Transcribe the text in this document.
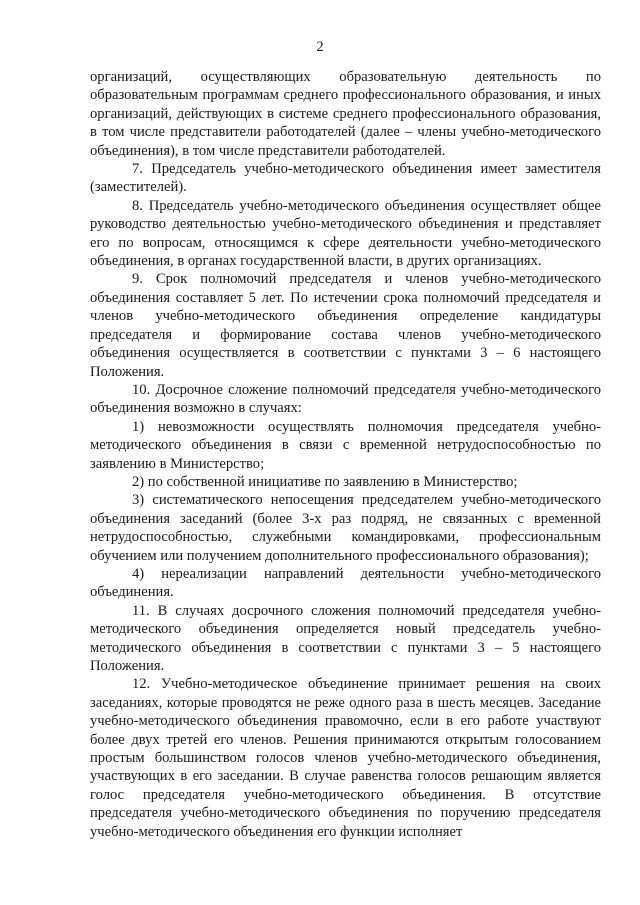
2

организаций, осуществляющих образовательную деятельность по образовательным программам среднего профессионального образования, и иных организаций, действующих в системе среднего профессионального образования, в том числе представители работодателей (далее – члены учебно-методического объединения), в том числе представители работодателей.

7. Председатель учебно-методического объединения имеет заместителя (заместителей).

8. Председатель учебно-методического объединения осуществляет общее руководство деятельностью учебно-методического объединения и представляет его по вопросам, относящимся к сфере деятельности учебно-методического объединения, в органах государственной власти, в других организациях.

9. Срок полномочий председателя и членов учебно-методического объединения составляет 5 лет. По истечении срока полномочий председателя и членов учебно-методического объединения определение кандидатуры председателя и формирование состава членов учебно-методического объединения осуществляется в соответствии с пунктами 3 – 6 настоящего Положения.

10. Досрочное сложение полномочий председателя учебно-методического объединения возможно в случаях:

1) невозможности осуществлять полномочия председателя учебно-методического объединения в связи с временной нетрудоспособностью по заявлению в Министерство;

2) по собственной инициативе по заявлению в Министерство;

3) систематического непосещения председателем учебно-методического объединения заседаний (более 3-х раз подряд, не связанных с временной нетрудоспособностью, служебными командировками, профессиональным обучением или получением дополнительного профессионального образования);

4) нереализации направлений деятельности учебно-методического объединения.

11. В случаях досрочного сложения полномочий председателя учебно-методического объединения определяется новый председатель учебно-методического объединения в соответствии с пунктами 3 – 5 настоящего Положения.

12. Учебно-методическое объединение принимает решения на своих заседаниях, которые проводятся не реже одного раза в шесть месяцев. Заседание учебно-методического объединения правомочно, если в его работе участвуют более двух третей его членов. Решения принимаются открытым голосованием простым большинством голосов членов учебно-методического объединения, участвующих в его заседании. В случае равенства голосов решающим является голос председателя учебно-методического объединения. В отсутствие председателя учебно-методического объединения по поручению председателя учебно-методического объединения его функции исполняет
